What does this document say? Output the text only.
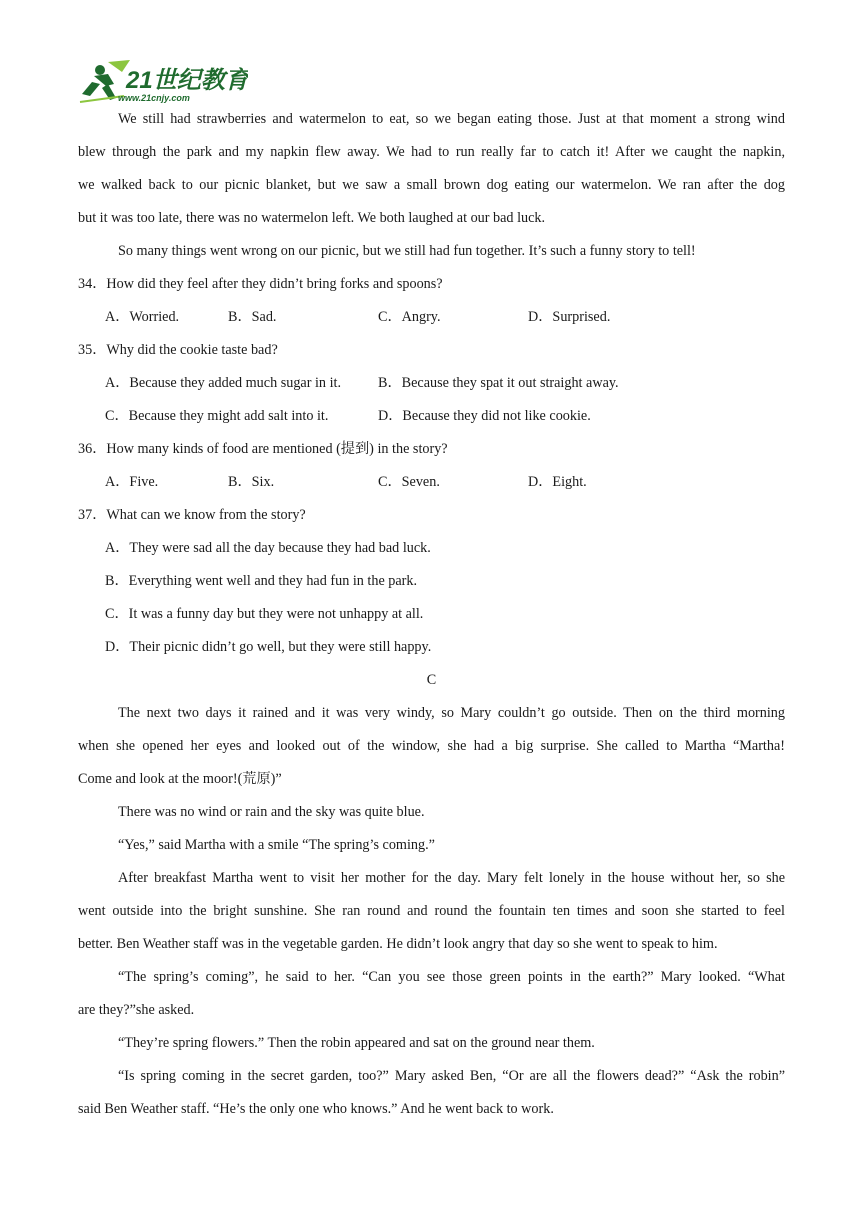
21世纪教育
www.21cnjy.com
We still had strawberries and watermelon to eat, so we began eating those. Just at that moment a strong wind
blew through the park and my napkin flew away. We had to run really far to catch it! After we caught the napkin,
we walked back to our picnic blanket, but we saw a small brown dog eating our watermelon. We ran after the dog
but it was too late, there was no watermelon left. We both laughed at our bad luck.
So many things went wrong on our picnic, but we still had fun together. It’s such a funny story to tell!
34．How did they feel after they didn’t bring forks and spoons?
A．Worried.	B．Sad.	C．Angry.	D．Surprised.
35．Why did the cookie taste bad?
A．Because they added much sugar in it.	B．Because they spat it out straight away.
C．Because they might add salt into it.	D．Because they did not like cookie.
36．How many kinds of food are mentioned (提到) in the story?
A．Five.	B．Six.	C．Seven.	D．Eight.
37．What can we know from the story?
A．They were sad all the day because they had bad luck.
B．Everything went well and they had fun in the park.
C．It was a funny day but they were not unhappy at all.
D．Their picnic didn’t go well, but they were still happy.
C
The next two days it rained and it was very windy, so Mary couldn’t go outside. Then on the third morning
when she opened her eyes and looked out of the window, she had a big surprise. She called to Martha “Martha!
Come and look at the moor!(荒原)”
There was no wind or rain and the sky was quite blue.
“Yes,” said Martha with a smile “The spring’s coming.”
After breakfast Martha went to visit her mother for the day. Mary felt lonely in the house without her, so she
went outside into the bright sunshine. She ran round and round the fountain ten times and soon she started to feel
better. Ben Weather staff was in the vegetable garden. He didn’t look angry that day so she went to speak to him.
“The spring’s coming”, he said to her. “Can you see those green points in the earth?” Mary looked. “What
are they?”she asked.
“They’re spring flowers.” Then the robin appeared and sat on the ground near them.
“Is spring coming in the secret garden, too?” Mary asked Ben, “Or are all the flowers dead?” “Ask the robin”
said Ben Weather staff. “He’s the only one who knows.” And he went back to work.
